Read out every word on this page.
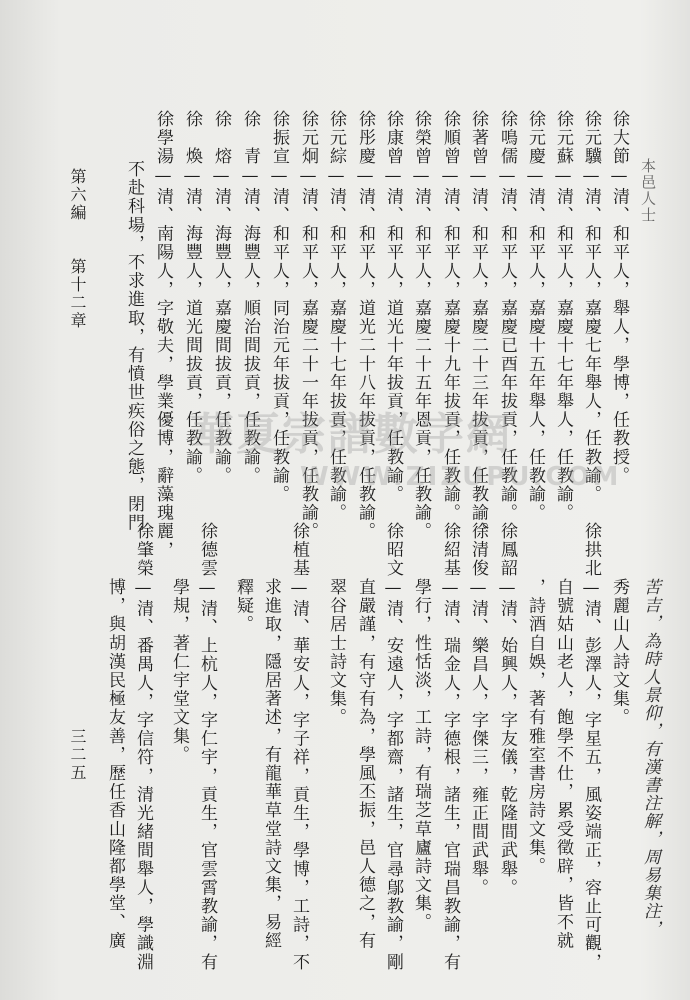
本邑人士
徐大節—清、和平人，舉人，學博，任教授。
徐元驥—清、和平人，嘉慶七年舉人，任教諭。
徐元蘇—清、和平人，嘉慶十七年舉人，任教諭。
徐元慶—清、和平人，嘉慶十五年舉人，任教諭。
徐鳴儒—清、和平人，嘉慶已酉年拔貢，任教諭。
徐著曾—清、和平人，嘉慶二十三年拔貢，任教諭。
徐順曾—清、和平人，嘉慶十九年拔貢，任教諭。
徐榮曾—清、和平人，嘉慶二十五年恩貢，任教諭。
徐康曾—清、和平人，道光十年拔貢，任教諭。
徐彤慶—清、和平人，道光二十八年拔貢，任教諭。
徐元綜—清、和平人，嘉慶十七年拔貢，任教諭。
徐元炯—清、和平人，嘉慶二十一年拔貢，任教諭。
徐振宣—清、和平人，同治元年拔貢，任教諭。
徐　青—清、海豐人，順治間拔貢，任教諭。
徐　熔—清、海豐人，嘉慶間拔貢，任教諭。
徐　煥—清、海豐人，道光間拔貢，任教諭。
徐學湯—清、南陽人，字敬夫，學業優博，辭藻瑰麗，
不赴科場，不求進取，有憤世疾俗之態，閉門
秀麗山人詩文集。
徐拱北—清、彭澤人，字星五，風姿端正，容止可觀，
自號姑山老人，飽學不仕，累受徵辟，皆不就
，詩酒自娛，著有雅室書房詩文集。
徐鳳韶—清、始興人，字友儀，乾隆間武舉。
徐清俊—清、樂昌人，字傑三，雍正間武舉。
徐紹基—清、瑞金人，字德根，諸生，官瑞昌教諭，有
學行，性恬淡，工詩，有瑞芝草廬詩文集。
徐昭文—清、安遠人，字都齋，諸生，官尋鄔教諭，剛
直嚴謹，有守有為，學風丕振，邑人德之，有
翠谷居士詩文集。
徐植基—清、華安人，字子祥，貢生，學博，工詩，不
求進取，隱居著述，有龍華草堂詩文集，易經
釋疑。
徐德雲—清、上杭人，字仁宇，貢生，官雲霄教諭，有
學規，著仁宇堂文集。
徐肇榮—清、番禺人，字信符，清光緒間舉人，學識淵
博，與胡漢民極友善，歷任香山隆都學堂、廣	苦吉，為時人景仰，有漢書注解，周易集注，
第六編
第十二章
三二五
華夏宗譜數字網
WWW.ZIZUPU.COM
